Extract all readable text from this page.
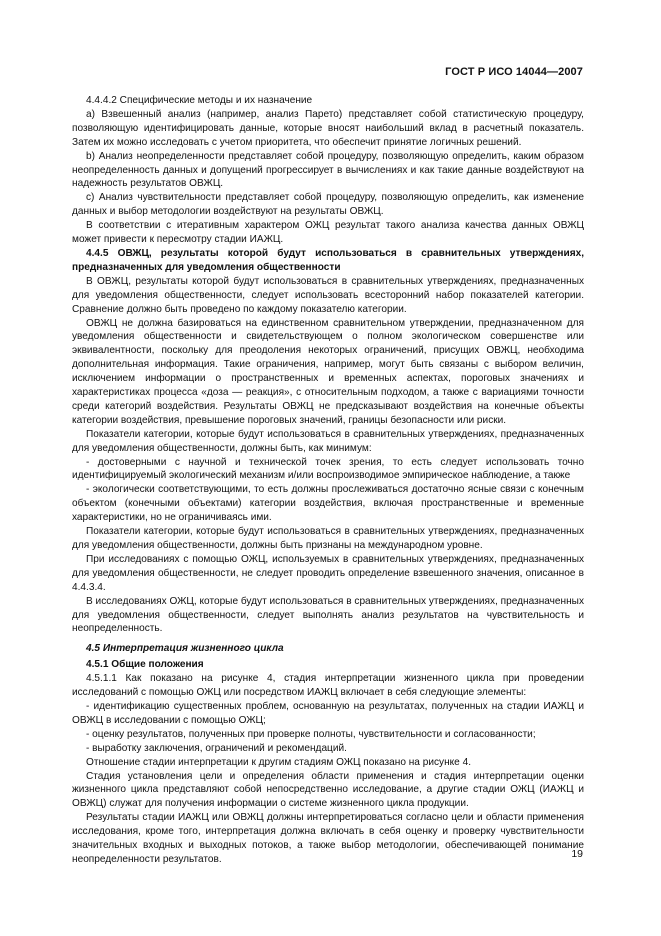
ГОСТ Р ИСО 14044—2007

4.4.4.2 Специфические методы и их назначение

a) Взвешенный анализ (например, анализ Парето) представляет собой статистическую процедуру, позволяющую идентифицировать данные, которые вносят наибольший вклад в расчетный показатель. Затем их можно исследовать с учетом приоритета, что обеспечит принятие логичных решений.

b) Анализ неопределенности представляет собой процедуру, позволяющую определить, каким образом неопределенность данных и допущений прогрессирует в вычислениях и как такие данные воздействуют на надежность результатов ОВЖЦ.

c) Анализ чувствительности представляет собой процедуру, позволяющую определить, как изменение данных и выбор методологии воздействуют на результаты ОВЖЦ.

В соответствии с итеративным характером ОЖЦ результат такого анализа качества данных ОВЖЦ может привести к пересмотру стадии ИАЖЦ.

4.4.5 ОВЖЦ, результаты которой будут использоваться в сравнительных утверждениях, предназначенных для уведомления общественности

В ОВЖЦ, результаты которой будут использоваться в сравнительных утверждениях, предназначенных для уведомления общественности, следует использовать всесторонний набор показателей категории. Сравнение должно быть проведено по каждому показателю категории.

ОВЖЦ не должна базироваться на единственном сравнительном утверждении, предназначенном для уведомления общественности и свидетельствующем о полном экологическом совершенстве или эквивалентности, поскольку для преодоления некоторых ограничений, присущих ОВЖЦ, необходима дополнительная информация. Такие ограничения, например, могут быть связаны с выбором величин, исключением информации о пространственных и временных аспектах, пороговых значениях и характеристиках процесса «доза — реакция», с относительным подходом, а также с вариациями точности среди категорий воздействия. Результаты ОВЖЦ не предсказывают воздействия на конечные объекты категории воздействия, превышение пороговых значений, границы безопасности или риски.

Показатели категории, которые будут использоваться в сравнительных утверждениях, предназначенных для уведомления общественности, должны быть, как минимум:

- достоверными с научной и технической точек зрения, то есть следует использовать точно идентифицируемый экологический механизм и/или воспроизводимое эмпирическое наблюдение, а также

- экологически соответствующими, то есть должны прослеживаться достаточно ясные связи с конечным объектом (конечными объектами) категории воздействия, включая пространственные и временные характеристики, но не ограничиваясь ими.

Показатели категории, которые будут использоваться в сравнительных утверждениях, предназначенных для уведомления общественности, должны быть признаны на международном уровне.

При исследованиях с помощью ОЖЦ, используемых в сравнительных утверждениях, предназначенных для уведомления общественности, не следует проводить определение взвешенного значения, описанное в 4.4.3.4.

В исследованиях ОЖЦ, которые будут использоваться в сравнительных утверждениях, предназначенных для уведомления общественности, следует выполнять анализ результатов на чувствительность и неопределенность.

4.5 Интерпретация жизненного цикла

4.5.1 Общие положения

4.5.1.1 Как показано на рисунке 4, стадия интерпретации жизненного цикла при проведении исследований с помощью ОЖЦ или посредством ИАЖЦ включает в себя следующие элементы:

- идентификацию существенных проблем, основанную на результатах, полученных на стадии ИАЖЦ и ОВЖЦ в исследовании с помощью ОЖЦ;

- оценку результатов, полученных при проверке полноты, чувствительности и согласованности;

- выработку заключения, ограничений и рекомендаций.

Отношение стадии интерпретации к другим стадиям ОЖЦ показано на рисунке 4.

Стадия установления цели и определения области применения и стадия интерпретации оценки жизненного цикла представляют собой непосредственно исследование, а другие стадии ОЖЦ (ИАЖЦ и ОВЖЦ) служат для получения информации о системе жизненного цикла продукции.

Результаты стадии ИАЖЦ или ОВЖЦ должны интерпретироваться согласно цели и области применения исследования, кроме того, интерпретация должна включать в себя оценку и проверку чувствительности значительных входных и выходных потоков, а также выбор методологии, обеспечивающей понимание неопределенности результатов.	19
